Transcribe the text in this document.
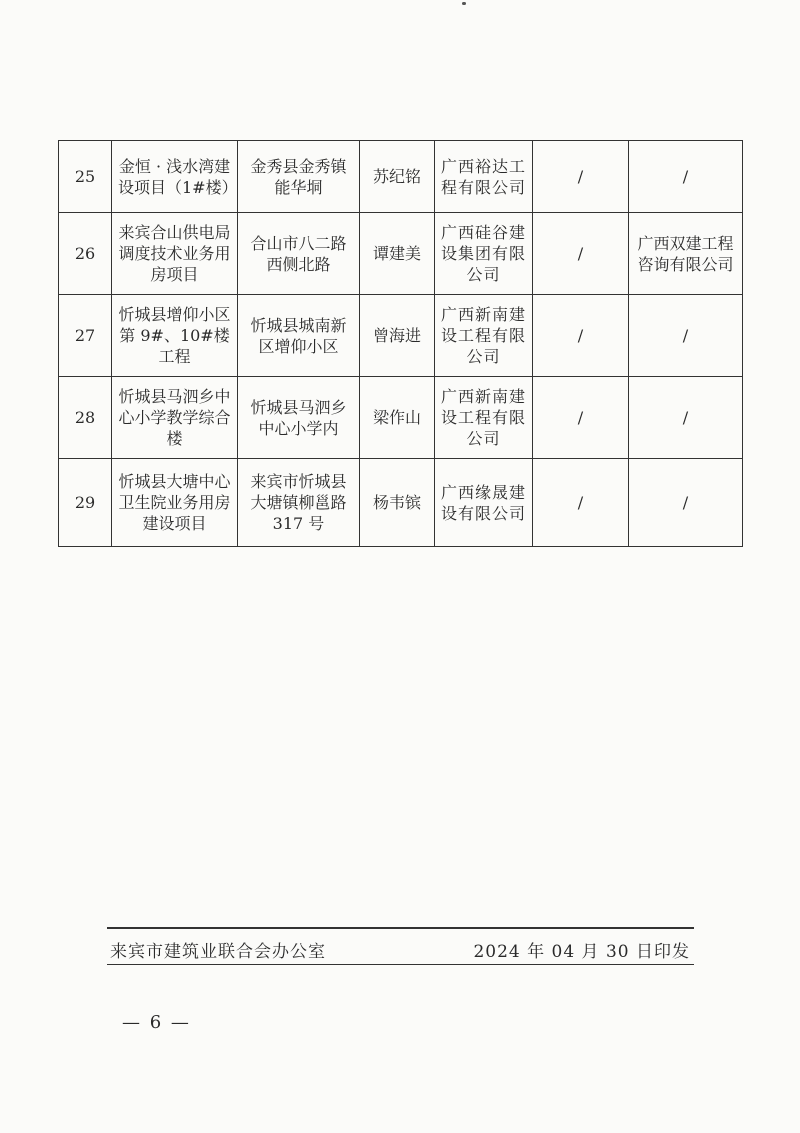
25	金恒 · 浅水湾建设项目（1#楼）	金秀县金秀镇能华垌	苏纪铭	广西裕达工程有限公司	/	/
26	来宾合山供电局调度技术业务用房项目	合山市八二路西侧北路	谭建美	广西硅谷建设集团有限公司	/	广西双建工程咨询有限公司
27	忻城县增仰小区第 9#、10#楼工程	忻城县城南新区增仰小区	曾海进	广西新南建设工程有限公司	/	/
28	忻城县马泗乡中心小学教学综合楼	忻城县马泗乡中心小学内	梁作山	广西新南建设工程有限公司	/	/
29	忻城县大塘中心卫生院业务用房建设项目	来宾市忻城县大塘镇柳邕路 317 号	杨韦镔	广西缘晟建设有限公司	/	/
来宾市建筑业联合会办公室	2024 年 04 月 30 日印发
— 6 —
